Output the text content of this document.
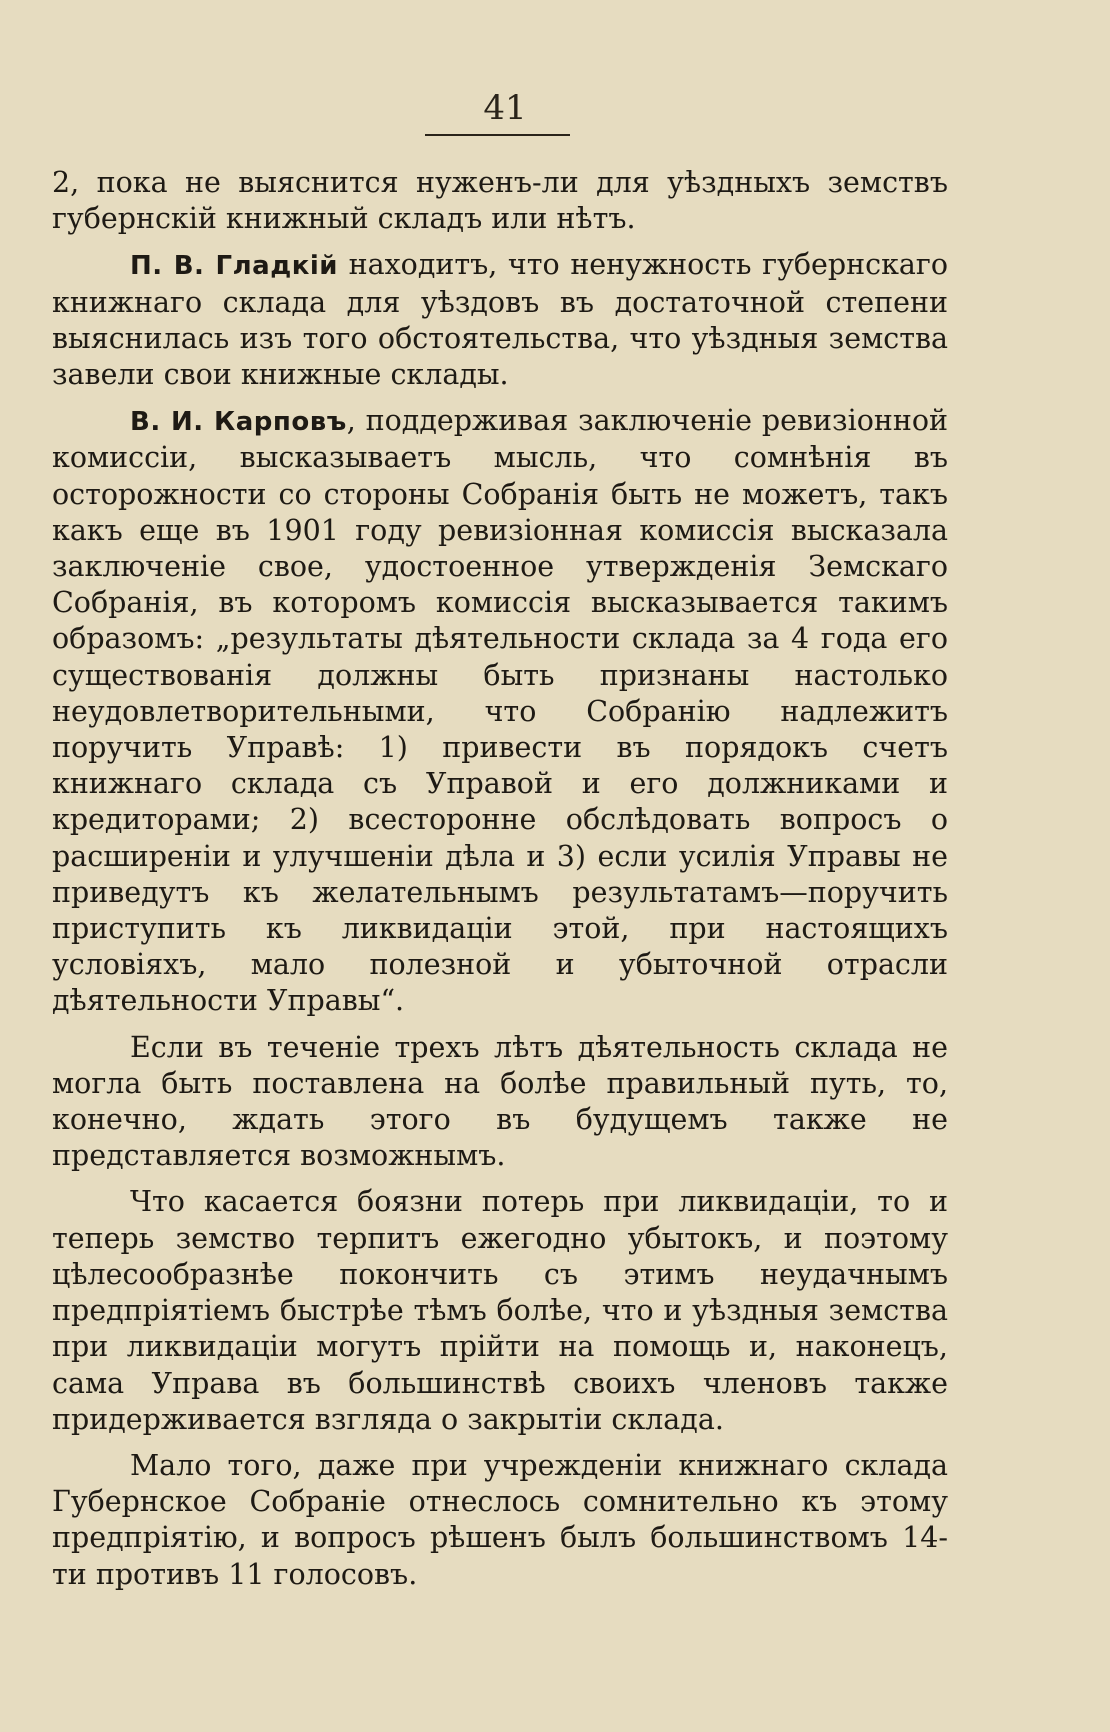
41

2, пока не выяснится нуженъ-ли для уѣздныхъ земствъ губернскій книжный складъ или нѣтъ.

П. В. Гладкій находитъ, что ненужность губернскаго книжнаго склада для уѣздовъ въ достаточной степени выяснилась изъ того обстоятельства, что уѣздныя земства завели свои книжные склады.

В. И. Карповъ, поддерживая заключеніе ревизіонной комиссіи, высказываетъ мысль, что сомнѣнія въ осторожности со стороны Собранія быть не можетъ, такъ какъ еще въ 1901 году ревизіонная комиссія высказала заключеніе свое, удостоенное утвержденія Земскаго Собранія, въ которомъ комиссія высказывается такимъ образомъ: „результаты дѣятельности склада за 4 года его существованія должны быть признаны настолько неудовлетворительными, что Собранію надлежитъ поручить Управѣ: 1) привести въ порядокъ счетъ книжнаго склада съ Управой и его должниками и кредиторами; 2) всесторонне обслѣдовать вопросъ о расширеніи и улучшеніи дѣла и 3) если усилія Управы не приведутъ къ желательнымъ результатамъ—поручить приступить къ ликвидаціи этой, при настоящихъ условіяхъ, мало полезной и убыточной отрасли дѣятельности Управы“.

Если въ теченіе трехъ лѣтъ дѣятельность склада не могла быть поставлена на болѣе правильный путь, то, конечно, ждать этого въ будущемъ также не представляется возможнымъ.

Что касается боязни потерь при ликвидаціи, то и теперь земство терпитъ ежегодно убытокъ, и поэтому цѣлесообразнѣе покончить съ этимъ неудачнымъ предпріятіемъ быстрѣе тѣмъ болѣе, что и уѣздныя земства при ликвидаціи могутъ прійти на помощь и, наконецъ, сама Управа въ большинствѣ своихъ членовъ также придерживается взгляда о закрытіи склада.

Мало того, даже при учрежденіи книжнаго склада Губернское Собраніе отнеслось сомнительно къ этому предпріятію, и вопросъ рѣшенъ былъ большинствомъ 14-ти противъ 11 голосовъ.
